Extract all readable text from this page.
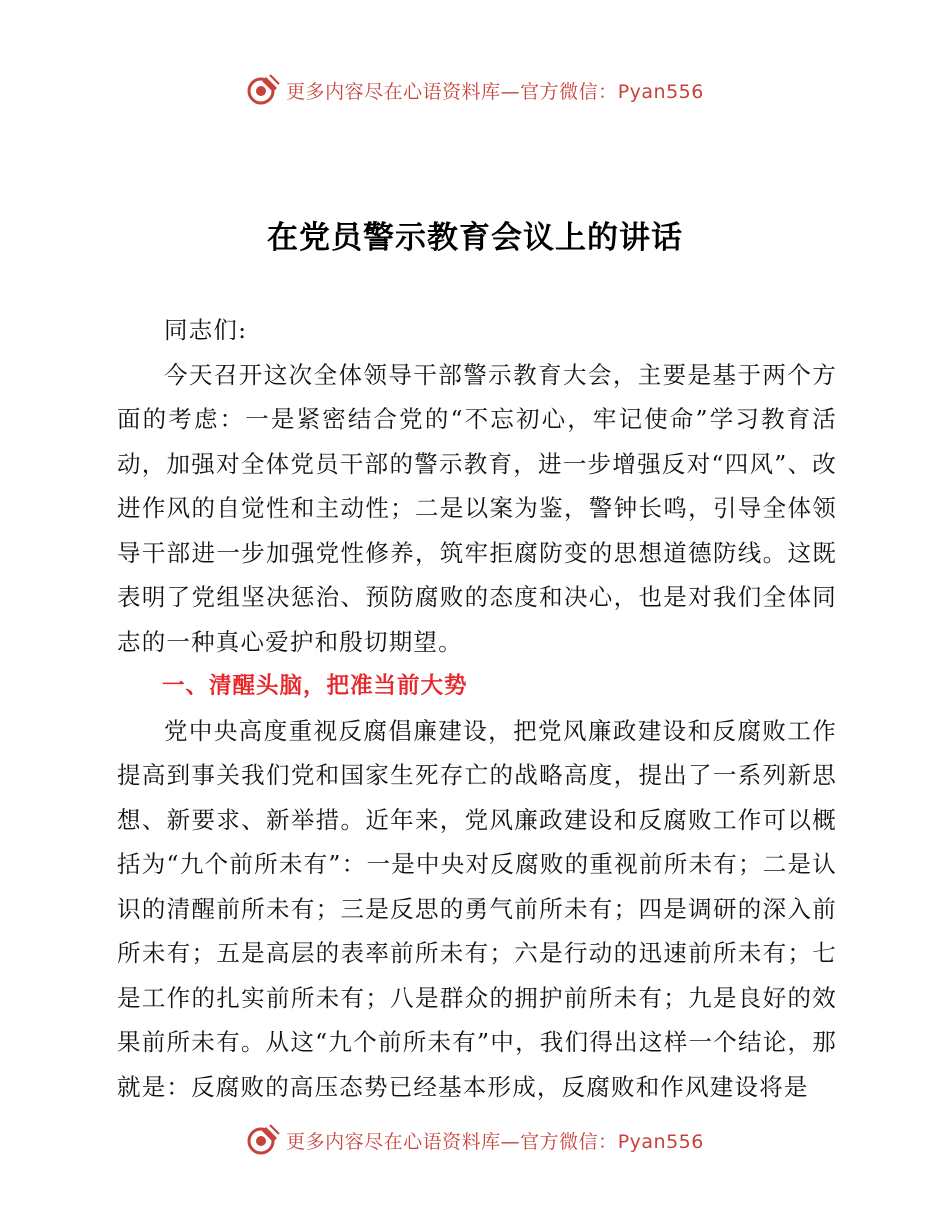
更多内容尽在心语资料库—官方微信：Pyan556
在党员警示教育会议上的讲话

同志们:

今天召开这次全体领导干部警示教育大会，主要是基于两个方面的考虑：一是紧密结合党的“不忘初心，牢记使命”学习教育活动，加强对全体党员干部的警示教育，进一步增强反对“四风”、改进作风的自觉性和主动性；二是以案为鉴，警钟长鸣，引导全体领导干部进一步加强党性修养，筑牢拒腐防变的思想道德防线。这既表明了党组坚决惩治、预防腐败的态度和决心，也是对我们全体同志的一种真心爱护和殷切期望。

一、清醒头脑，把准当前大势

党中央高度重视反腐倡廉建设，把党风廉政建设和反腐败工作提高到事关我们党和国家生死存亡的战略高度，提出了一系列新思想、新要求、新举措。近年来，党风廉政建设和反腐败工作可以概括为“九个前所未有”：一是中央对反腐败的重视前所未有；二是认识的清醒前所未有；三是反思的勇气前所未有；四是调研的深入前所未有；五是高层的表率前所未有；六是行动的迅速前所未有；七是工作的扎实前所未有；八是群众的拥护前所未有；九是良好的效果前所未有。从这“九个前所未有”中，我们得出这样一个结论，那就是：反腐败的高压态势已经基本形成，反腐败和作风建设将是

更多内容尽在心语资料库—官方微信：Pyan556
